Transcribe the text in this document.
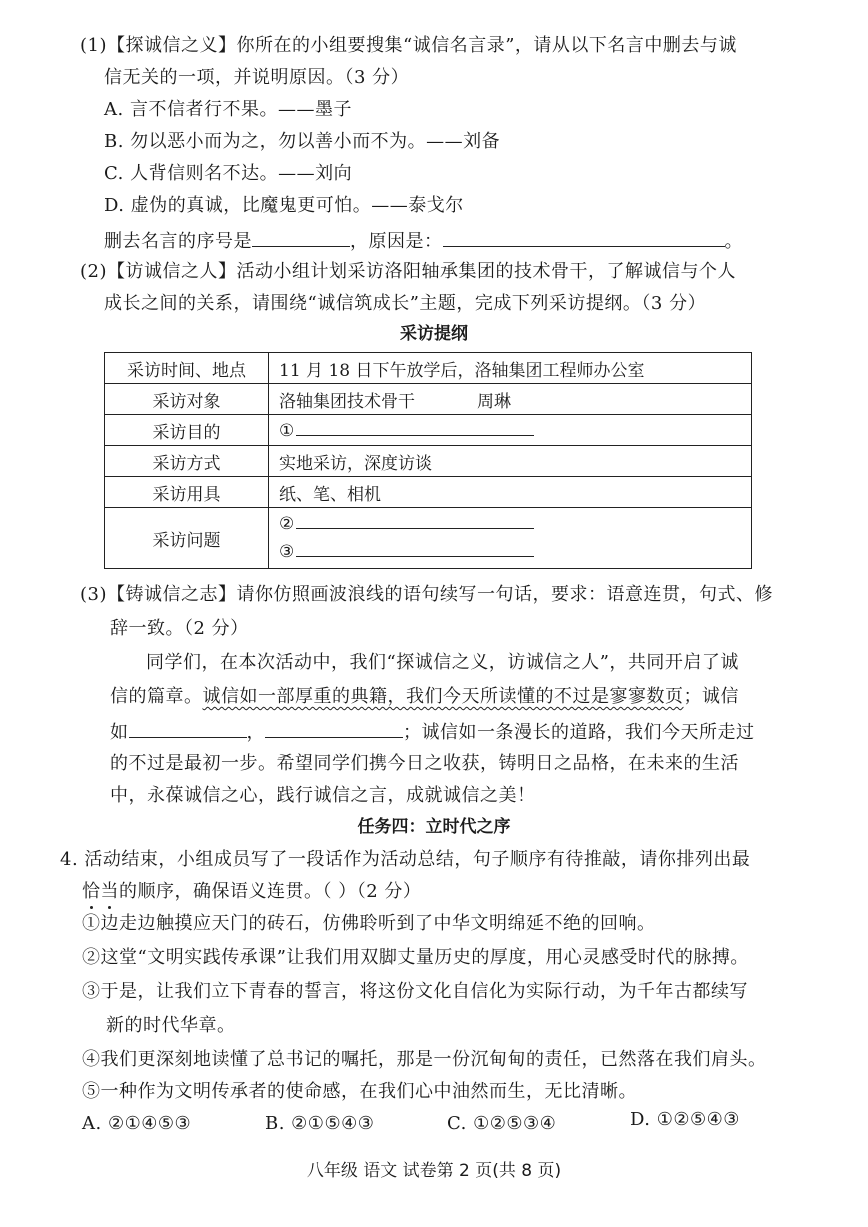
(1)【探诚信之义】你所在的小组要搜集“诚信名言录”，请从以下名言中删去与诚
信无关的一项，并说明原因。（3 分）
A. 言不信者行不果。——墨子
B. 勿以恶小而为之，勿以善小而不为。——刘备
C. 人背信则名不达。——刘向
D. 虚伪的真诚，比魔鬼更可怕。——泰戈尔
删去名言的序号是	，原因是：	。
(2)【访诚信之人】活动小组计划采访洛阳轴承集团的技术骨干，了解诚信与个人
成长之间的关系，请围绕“诚信筑成长”主题，完成下列采访提纲。（3 分）
采访提纲
采访时间、地点	11 月 18 日下午放学后，洛轴集团工程师办公室
采访对象	洛轴集团技术骨干 周琳
采访目的	①
采访方式	实地采访，深度访谈
采访用具	纸、笔、相机
采访问题	②
③
(3)【铸诚信之志】请你仿照画波浪线的语句续写一句话，要求：语意连贯，句式、修
辞一致。（2 分）
同学们，在本次活动中，我们“探诚信之义，访诚信之人”，共同开启了诚
信的篇章。诚信如一部厚重的典籍，我们今天所读懂的不过是寥寥数页；诚信
如	，	；诚信如一条漫长的道路，我们今天所走过
的不过是最初一步。希望同学们携今日之收获，铸明日之品格，在未来的生活
中，永葆诚信之心，践行诚信之言，成就诚信之美！
任务四：立时代之序
4. 活动结束，小组成员写了一段话作为活动总结，句子顺序有待推敲，请你排列出最
恰当的顺序，确保语义连贯。（ ）（2 分）
①边走边触摸应天门的砖石，仿佛聆听到了中华文明绵延不绝的回响。
②这堂“文明实践传承课”让我们用双脚丈量历史的厚度，用心灵感受时代的脉搏。
③于是，让我们立下青春的誓言，将这份文化自信化为实际行动，为千年古都续写
新的时代华章。
④我们更深刻地读懂了总书记的嘱托，那是一份沉甸甸的责任，已然落在我们肩头。
⑤一种作为文明传承者的使命感，在我们心中油然而生，无比清晰。
A. ②①④⑤③	B. ②①⑤④③	C. ①②⑤③④	D. ①②⑤④③
八年级 语文 试卷第 2 页(共 8 页)
